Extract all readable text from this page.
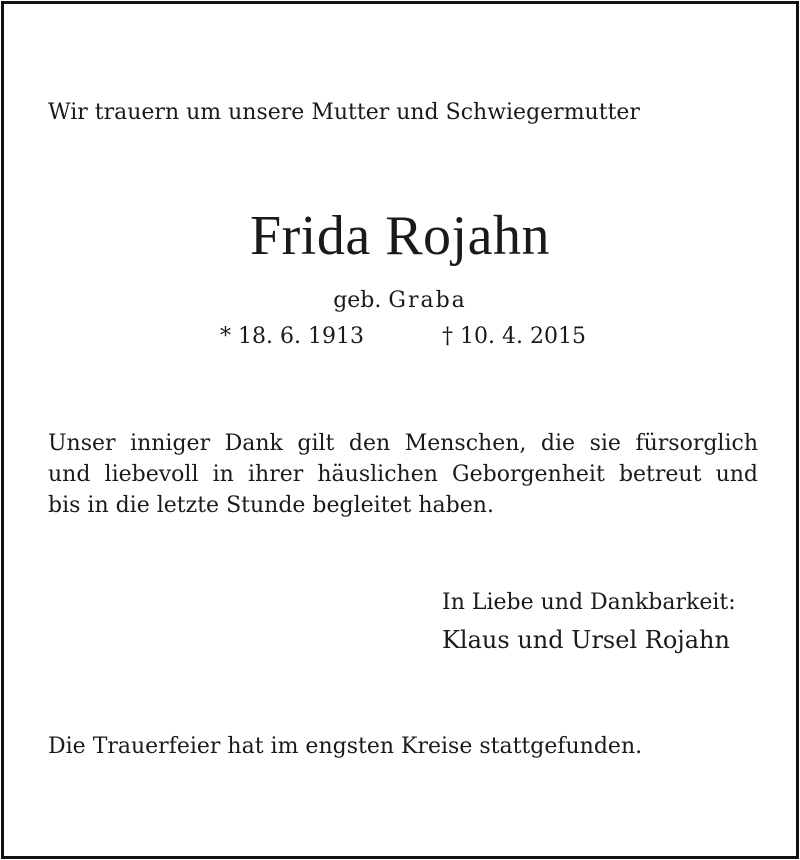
Wir trauern um unsere Mutter und Schwiegermutter

Frida Rojahn

geb. Graba

* 18. 6. 1913	† 10. 4. 2015

Unser inniger Dank gilt den Menschen, die sie fürsorglich
und liebevoll in ihrer häuslichen Geborgenheit betreut und
bis in die letzte Stunde begleitet haben.

In Liebe und Dankbarkeit:

Klaus und Ursel Rojahn

Die Trauerfeier hat im engsten Kreise stattgefunden.
